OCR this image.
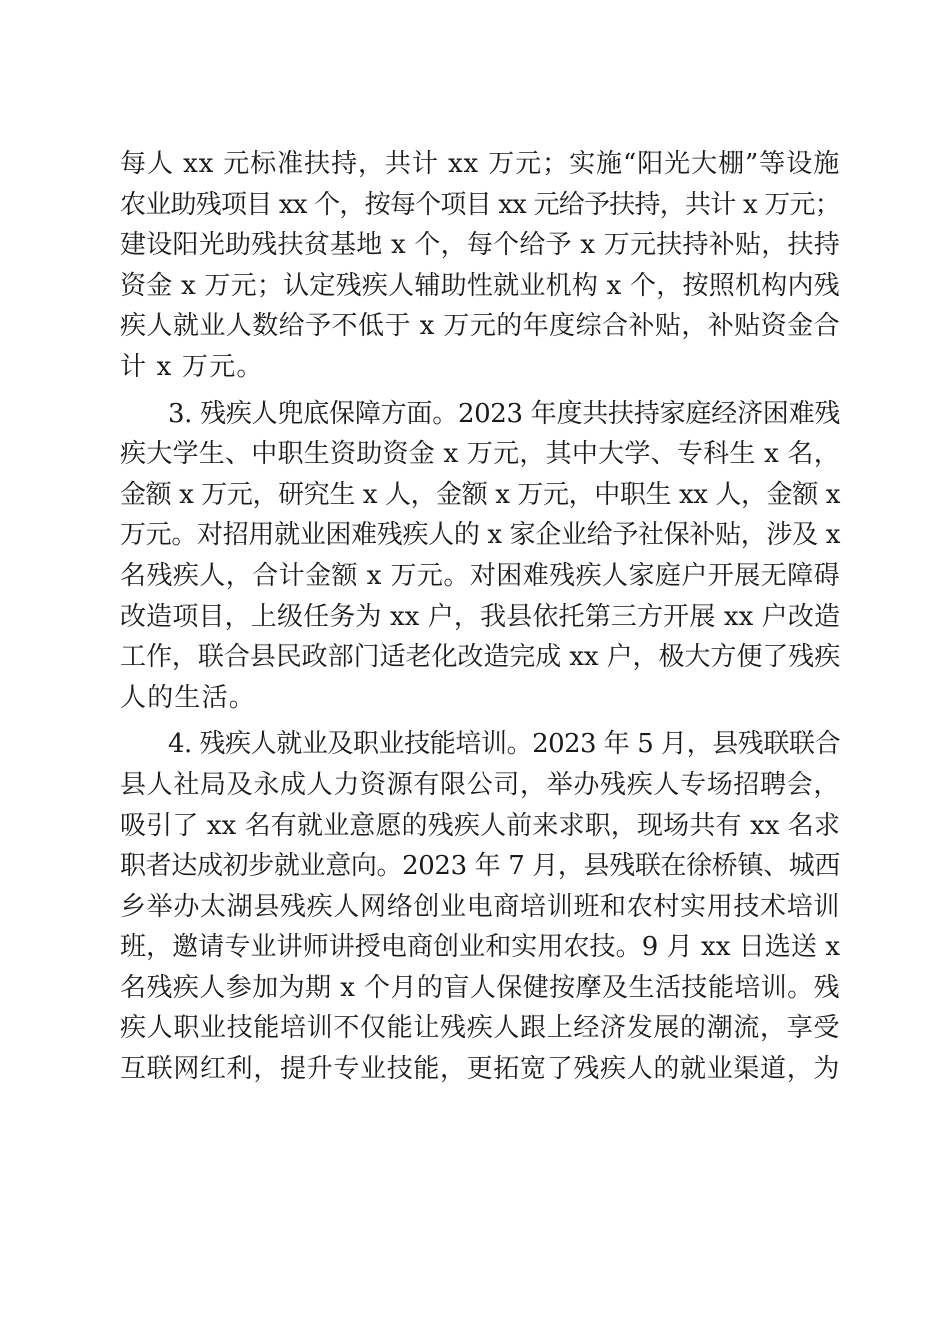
每人 xx 元标准扶持，共计 xx 万元；实施“阳光大棚”等设施
农业助残项目 xx 个，按每个项目 xx 元给予扶持，共计 x 万元；
建设阳光助残扶贫基地 x 个，每个给予 x 万元扶持补贴，扶持
资金 x 万元；认定残疾人辅助性就业机构 x 个，按照机构内残
疾人就业人数给予不低于 x 万元的年度综合补贴，补贴资金合
计 x 万元。
3. 残疾人兜底保障方面。2023 年度共扶持家庭经济困难残
疾大学生、中职生资助资金 x 万元，其中大学、专科生 x 名，
金额 x 万元，研究生 x 人，金额 x 万元，中职生 xx 人，金额 x
万元。对招用就业困难残疾人的 x 家企业给予社保补贴，涉及 x
名残疾人，合计金额 x 万元。对困难残疾人家庭户开展无障碍
改造项目，上级任务为 xx 户，我县依托第三方开展 xx 户改造
工作，联合县民政部门适老化改造完成 xx 户，极大方便了残疾
人的生活。
4. 残疾人就业及职业技能培训。2023 年 5 月，县残联联合
县人社局及永成人力资源有限公司，举办残疾人专场招聘会，
吸引了 xx 名有就业意愿的残疾人前来求职，现场共有 xx 名求
职者达成初步就业意向。2023 年 7 月，县残联在徐桥镇、城西
乡举办太湖县残疾人网络创业电商培训班和农村实用技术培训
班，邀请专业讲师讲授电商创业和实用农技。9 月 xx 日选送 x
名残疾人参加为期 x 个月的盲人保健按摩及生活技能培训。残
疾人职业技能培训不仅能让残疾人跟上经济发展的潮流，享受
互联网红利，提升专业技能，更拓宽了残疾人的就业渠道，为
